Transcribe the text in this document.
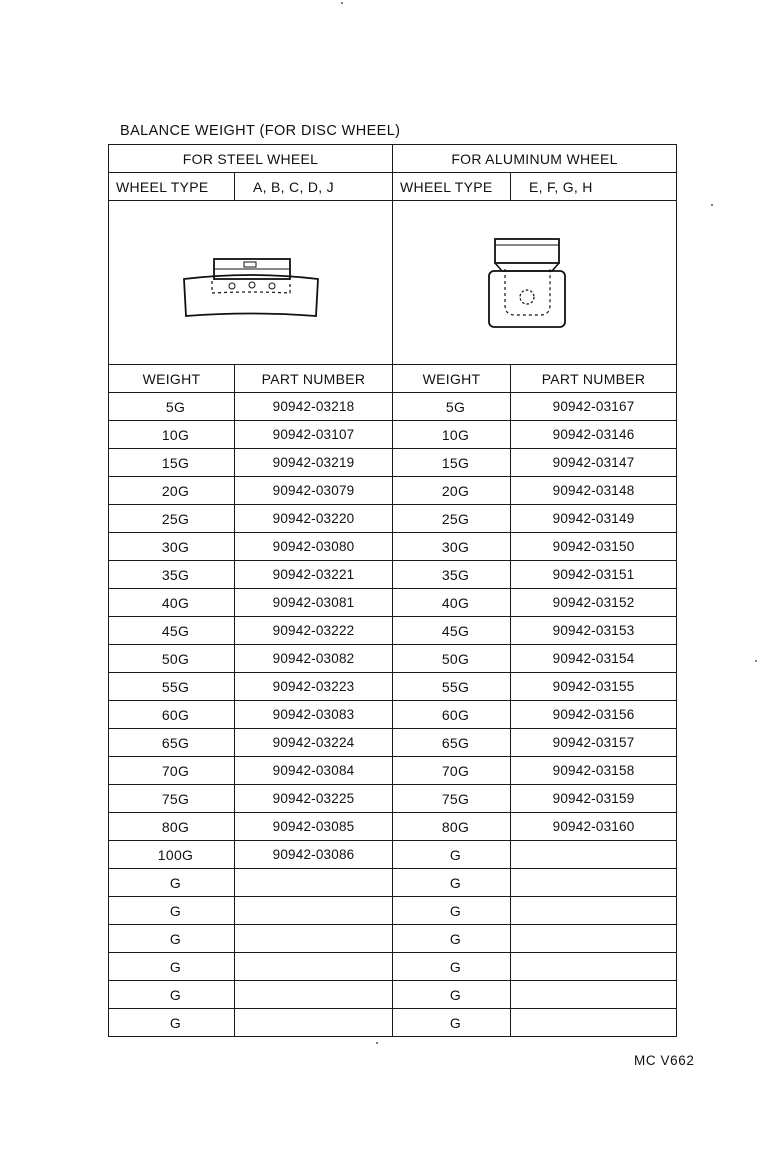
BALANCE WEIGHT (FOR DISC WHEEL)
FOR STEEL WHEEL		FOR ALUMINUM WHEEL	
WHEEL TYPE	A, B, C, D, J	WHEEL TYPE	E, F, G, H

WEIGHT	PART NUMBER	WEIGHT	PART NUMBER
5G	90942-03218	5G	90942-03167
10G	90942-03107	10G	90942-03146
15G	90942-03219	15G	90942-03147
20G	90942-03079	20G	90942-03148
25G	90942-03220	25G	90942-03149
30G	90942-03080	30G	90942-03150
35G	90942-03221	35G	90942-03151
40G	90942-03081	40G	90942-03152
45G	90942-03222	45G	90942-03153
50G	90942-03082	50G	90942-03154
55G	90942-03223	55G	90942-03155
60G	90942-03083	60G	90942-03156
65G	90942-03224	65G	90942-03157
70G	90942-03084	70G	90942-03158
75G	90942-03225	75G	90942-03159
80G	90942-03085	80G	90942-03160
100G	90942-03086	G	
G		G	
G		G	
G		G	
G		G	
G		G	
G		G	
MC V662
